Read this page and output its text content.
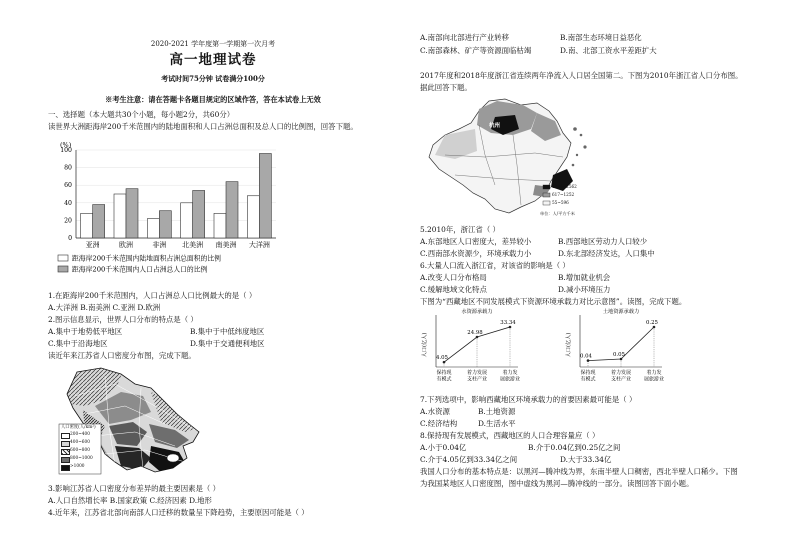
2020-2021 学年度第一学期第一次月考
高一地理试卷
考试时间75分钟 试卷满分100分
※考生注意：请在答题卡各题目规定的区域作答，答在本试卷上无效
一、选择题（本大题共30个小题，每小题2分，共60分）
读世界大洲距海岸200千米范围内的陆地面积和人口占洲总面积及总人口的比例图，回答下题。
(%)
0
20
40
60
80
100
亚洲	欧洲	非洲 北美洲 南美洲 大洋洲
距海岸200千米范围内陆地面积占洲总面积的比例
距海岸200千米范围内人口占洲总人口的比例
1.在距海岸200千米范围内，人口占洲总人口比例最大的是（ ）
A.大洋洲 B.南美洲 C.亚洲 D.欧洲
2.图示信息显示，世界人口分布的特点是（ ）
A.集中于地势低平地区	B.集中于中低纬度地区
C.集中于沿海地区	D.集中于交通便利地区
读近年来江苏省人口密度分布图，完成下题。
人口密度(人/km²)
200~400
400~600
600~800
800~1000
>1000
3.影响江苏省人口密度分布差异的最主要因素是（ ）
A.人口自然增长率 B.国家政策 C.经济因素 D.地形
4.近年来，江苏省北部向南部人口迁移的数量呈下降趋势，主要原因可能是（ ）
A.南部向北部进行产业转移	B.南部生态环境日益恶化
C.南部森林、矿产等资源面临枯竭	D.南、北部工资水平差距扩大
2017年度和2018年度浙江省连续两年净流入人口居全国第二。下图为2010年浙江省人口分布图。
据此回答下题。
杭州
1630~2562
617~1252
55~596
单位：人/平方千米
5.2010年，浙江省（ ）
A.东部地区人口密度大，差异较小	B.西部地区劳动力人口较少
C.西南部水资源少，环境承载力小	D.东北部经济发达，人口集中
6.大量人口流入浙江省，对该省的影响是（ ）
A.改变人口分布格局	B.增加就业机会
C.缓解地域文化特点	D.减小环境压力
下图为“西藏地区不同发展模式下资源环境承载力对比示意图”。读图，完成下题。
水资源承载力
人口(亿人)
4.05
保持现
有模式
24.98
着力发展
支柱产业
33.34
着力发
展旅游业
土地资源承载力
人口(亿人) 0.04
保持现
有模式
0.05
着力发展
支柱产业
0.25
着力发
展旅游业
7.下列选项中，影响西藏地区环境承载力的首要因素最可能是（ ）
A.水资源	B.土地资源
C.经济结构	D.生活水平
8.保持现有发展模式，西藏地区的人口合理容量应（ ）
A.小于0.04亿	B.介于0.04亿到0.25亿之间
C.介于4.05亿到33.34亿之间	D.大于33.34亿
我国人口分布的基本特点是：以黑河—腾冲线为界，东南半壁人口稠密，西北半壁人口稀少。下图
为我国某地区人口密度图，图中虚线为黑河—腾冲线的一部分。读图回答下面小题。
